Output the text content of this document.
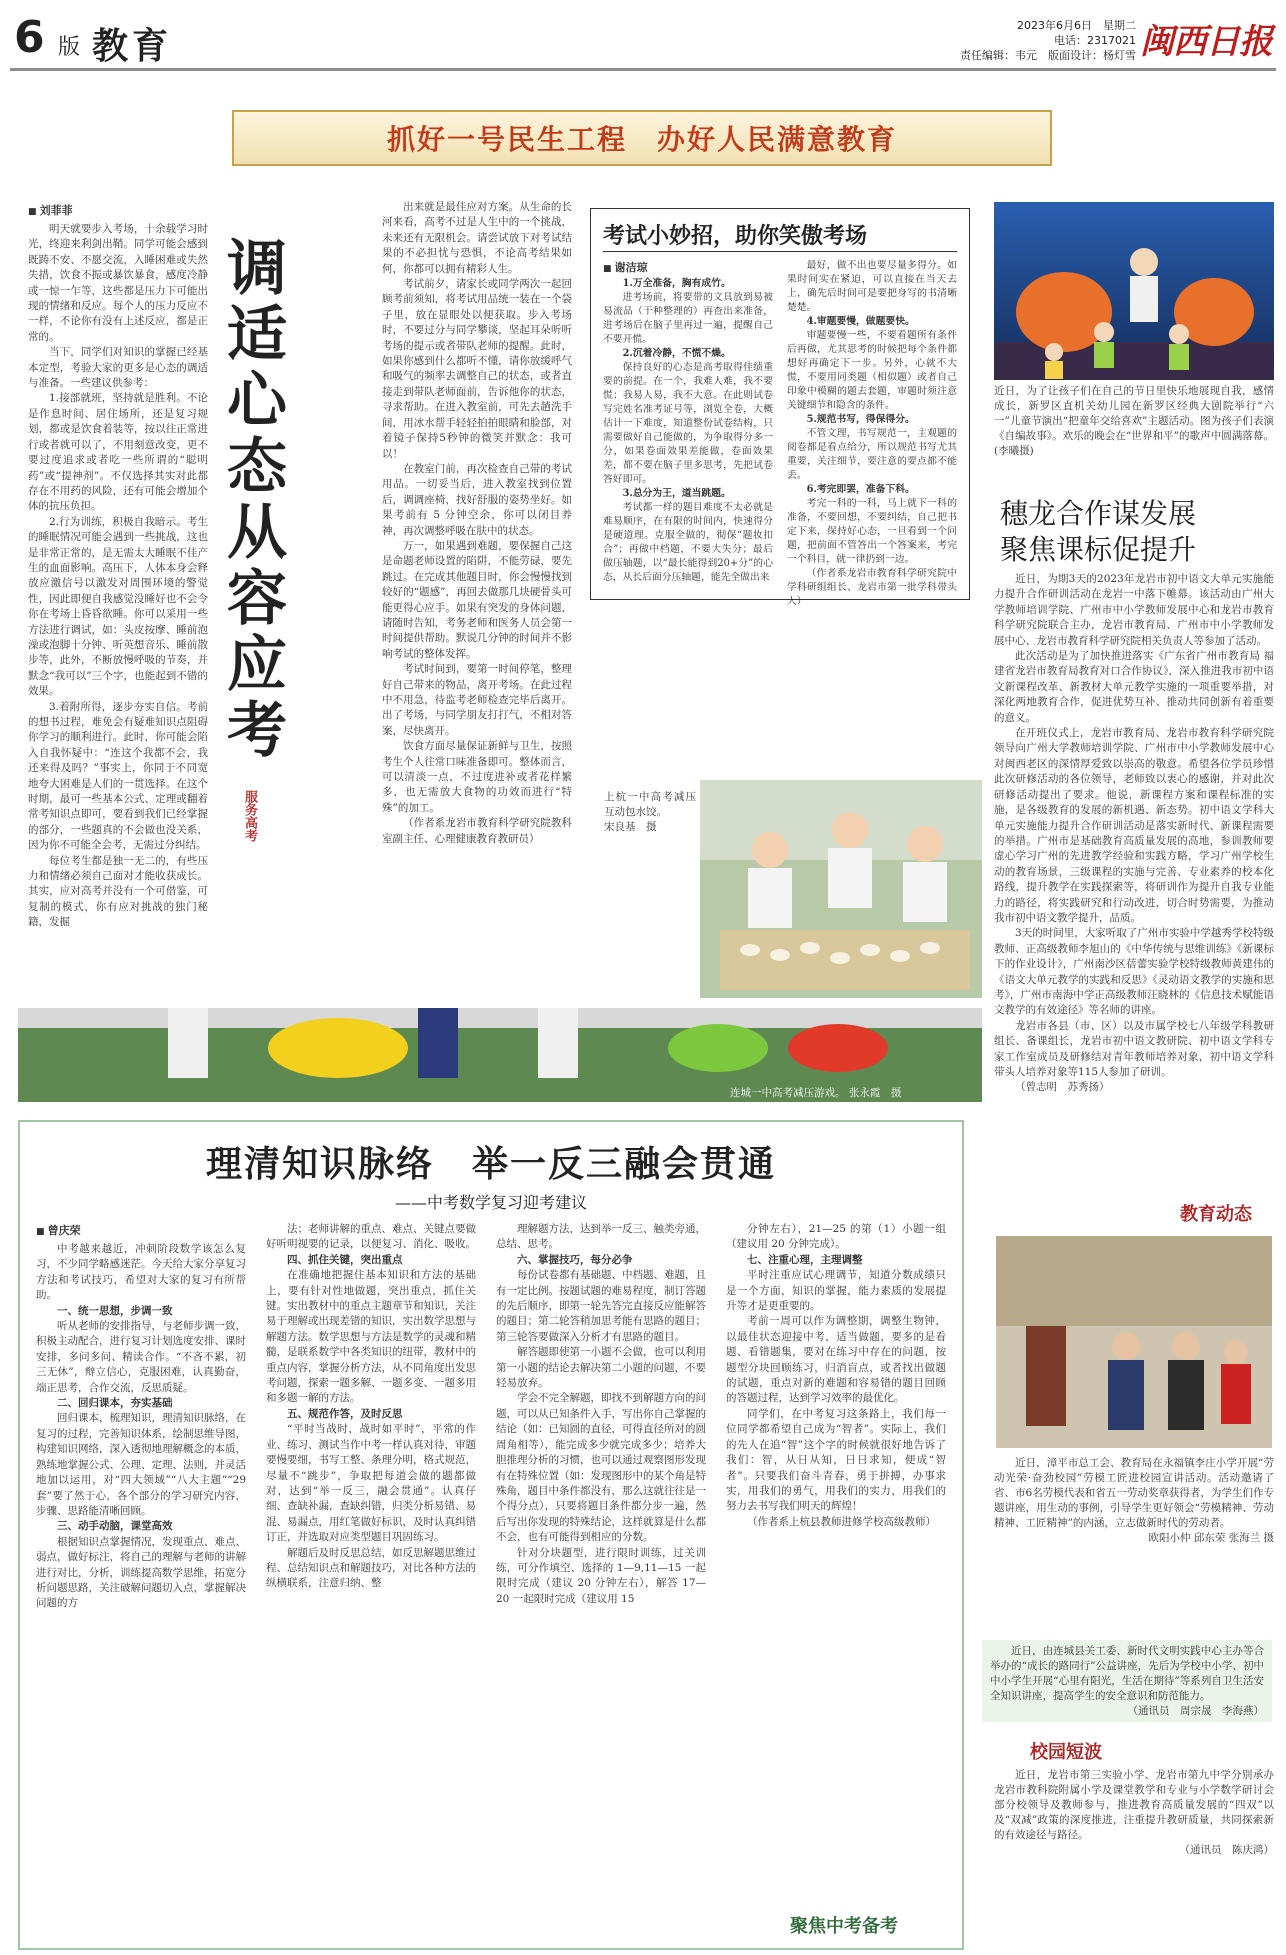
6 版 教育	2023年6月6日　星期二
电话：2317021
责任编辑：韦元　版面设计：杨灯雪 闽西日报
抓好一号民生工程　办好人民满意教育
■ 刘菲菲

明天就要步入考场，十余载学习时光，终迎来利剑出鞘。同学可能会感到既踌不安、不愿交流，入睡困难或失然失措，饮食不振或暴饮暴食，感度冷静或一惊一乍等，这些都是压力下可能出现的情绪和反应。每个人的压力反应不一样，不论你有没有上述反应，都是正常的。

当下，同学们对知识的掌握已经基本定型，考验大家的更多是心态的调适与准备。一些建议供参考：

1.接部就班，坚持就是胜利。不论是作息时间、居住场所，还是复习规划，都或是饮食着装等，按以往正常进行或者就可以了，不用刻意改变，更不要过度追求或者吃一些所谓的“聪明药”或“提神剂”。不仅选择其实对此都存在不用药的风险，还有可能会增加个体的抗压负担。

2.行为训练，积极自我暗示。考生的睡眠情况可能会遇到一些挑战，这也是非常正常的，是无需太大睡眠不佳产生的血面影响。高压下，人体本身会释放应激信号以激发对周围环境的警觉性，因此即便自我感觉没睡好也不会令你在考场上昏昏欲睡。你可以采用一些方法进行调试，如：头皮按摩、睡前泡澡或泡脚十分钟、听英想音乐、睡前散步等，此外，不断放慢呼吸的节奏，并默念“我可以”三个字，也能起到不错的效果。

3.着附所得，逐步夯实自信。考前的想书过程，难免会有疑难知识点阻碍你学习的顺利进行。此时，你可能会陷入自我怀疑中：“连这个我都不会，我还来得及吗？”事实上，你同于不同宽地夸大困难是人们的一贯选择。在这个时期，最可一些基本公式、定理或翻着常考知识点即可，要看到我们已经掌握的部分，一些题真的不会做也没关系，因为你不可能全会考，无需过分纠结。

每位考生都是独一无二的，有些压力和情绪必须自己面对才能收获成长。其实，应对高考并没有一个可借鉴，可复制的模式，你有应对挑战的独门秘籍，发掘

调
适
心
态
从
容
应
考
服务高考

出来就是最佳应对方案。从生命的长河来看，高考不过是人生中的一个挑战，未来还有无限机会。请尝试放下对考试结果的不必担忧与恐惧，不论高考结果如何，你都可以拥有精彩人生。

考试前夕，请家长或同学两次一起回顾考前须知，将考试用品统一装在一个袋子里，放在显眼处以便获取。步入考场时，不要过分与同学攀谈，坚起耳朵听听考场的提示或者带队老师的提醒。此时，如果你感到什么都听不懂，请你放缓呼气和吸气的频率去调整自己的状态，或者直接走到带队老师面前，告诉他你的状态，寻求帮助。在进入教室前，可先去趟洗手间，用冰水帮手轻轻拍拍眼睛和脸部，对着镜子保持5秒钟的微笑并默念：我可以！

在教室门前，再次检查自己带的考试用品。一切妥当后，进入教室找到位置后，调调座椅，找好舒服的姿势坐好。如果考前有 5 分钟空余，你可以闭目养神，再次调整呼吸在肤中的状态。

万一，如果遇到难题，要保握自己这是命题老师设置的陷阱，不能劳碌，要先跳过。在完成其他题目时，你会慢慢找到较好的“题感”，再回去做那几块硬骨头可能更得心应手。如果有突发的身体问题，请随时告知，考务老师和医务人员会第一时间提供帮助。默说几分钟的时间并不影响考试的整体发挥。

考试时间到，要第一时间停笔，整理好自己带来的物品，离开考场。在此过程中不用急，待监考老师检查完毕后离开。出了考场，与同学朋友打打气，不相对答案，尽快离开。

饮食方面尽量保证新鲜与卫生，按照考生个人往常口味准备即可。整体而言，可以清淡一点，不过度进补或者花样繁多，也无需放大食物的功效而进行“特殊”的加工。

（作者系龙岩市教育科学研究院教科室副主任、心理健康教育教研员）

考试小妙招，助你笑傲考场
■ 谢洁琼

1.万全准备，胸有成竹。

进考场前，将要带的文具放到易被易流品（干种整理的）再查出来准备，进考场后在脑子里再过一遍，提醒自己不要开慌。

2.沉着冷静，不慌不燥。

保持良好的心态是高考取得佳绩重要的前提。在一个，我难人难，我不要慌；我易人易，我不大意。在此则试卷写完姓名准考证号等，浏览全卷，大概估计一下难度，知道整份试卷结构，只需要做好自己能做的，为争取得分多一分，如果卷面效果差能做，卷面效果差，都不要在脑子里多思考，先把试卷答好即可。

3.总分为王，道当跳题。

考试都一样的题目难度不太必就是难易顺序，在有限的时间内，快速得分是硬道理。克服全做的，彻保“题妆扣合”；再做中档题，不要大失分；最后做压轴题，以“最长能得到20+分”的心态，从长后面分压轴题，能先全做出来

最好，做不出也要尽量多得分。如果时间实在紧迫，可以直接在当天去上，确先后时间可是要把身写的书清晰楚楚。

4.审题要慢，做题要快。

审题要慢一些，不要看题所有条件后再做，尤其思考的时候把每个条件都想好再确定下一步。另外，心就不大慌，不要用同类题（相似题）或者自己印象中模糊的题去套题，审题时须注意关键细节和隐含的条件。

5.规范书写，得保得分。

不管文理，书写规范一，主观题的阅卷都是看点给分，所以规范书写尤其重要，关注细节，要注意的要点都不能丢。

6.考完即罢，准备下科。

考完一科的一科，马上就下一科的准备，不要回想，不要纠结，自己把书定下来，保持好心态，一旦看到一个问题，把前面不管答出一个答案来，考完一个科目，就一律扔到一边。

（作者系龙岩市教育科学研究院中学科研组组长、龙岩市第一批学科带头人）

近日，为了让孩子们在自己的节日里快乐地展现自我，感情成长，新罗区直机关幼儿园在新罗区经典大剧院举行“六一”儿童节演出“把童年交给喜欢”主题活动。图为孩子们表演《自编故事》。欢乐的晚会在“世界和平”的歌声中圆满落幕。 (李曦摄)
上杭一中高考减压互动包水饺。
宋良基　摄
连城一中高考减压游戏。 张永霞　摄
穗龙合作谋发展
聚焦课标促提升

近日，为期3天的2023年龙岩市初中语文大单元实施能力提升合作研训活动在龙岩一中落下帷幕。该活动由广州大学教师培训学院、广州市中小学教师发展中心和龙岩市教育科学研究院联合主办，龙岩市教育局、广州市中小学教师发展中心、龙岩市教育科学研究院相关负责人等参加了活动。

此次活动是为了加快推进落实《广东省广州市教育局 福建省龙岩市教育局教育对口合作协议》，深入推进我市初中语文新课程改革、新教材大单元教学实施的一项重要举措，对深化两地教育合作，促进优势互补、推动共同创新有着重要的意义。

在开班仪式上，龙岩市教育局、龙岩市教育科学研究院领导向广州大学教师培训学院、广州市中小学教师发展中心对闽西老区的深情厚爱致以崇高的敬意。希望各位学员珍惜此次研修活动的各位领导，老师致以衷心的感谢，并对此次研修活动提出了要求。他说，新课程方案和课程标准的实施，是各级教育的发展的新机遇、新态势。初中语文学科大单元实施能力提升合作研训活动是落实新时代、新课程需要的举措。广州市是基础教育高质量发展的高地，参训教师要虚心学习广州的先进教学经验和实践方略，学习广州学校生动的教育场景，三级课程的实施与完善、专业素养的校本化路线，提升教学在实践探索等，将研训作为提升自我专业能力的路径，将实践研究和行动改进，切合时势需要，为推动我市初中语文教学提升，品质。

3天的时间里，大家听取了广州市实验中学越秀学校特级教师、正高级教师李旭山的《中华传统与思维训练》《新课标下的作业设计》，广州南沙区蓓蕾实验学校特级教师黄建伟的《语文大单元教学的实践和反思》《灵动语文教学的实施和思考》，广州市南海中学正高级教师汪晓林的《信息技术赋能语文教学的有效途径》等名师的讲座。

龙岩市各县（市、区）以及市属学校七八年级学科教研组长、备课组长，龙岩市初中语文教研院、初中语文学科专家工作室成员及研修结对青年教师培养对象，初中语文学科带头人培养对象等115人参加了研训。

（曾志明　苏秀扬）

教育动态

近日，漳平市总工会、教育局在永福镇李庄小学开展“劳动光荣·奋劲校园”劳模工匠进校园宣讲活动。活动邀请了省、市6名劳模代表和省五一劳动奖章获得者，为学生们作专题讲座，用生动的事例，引导学生更好领会“劳模精神、劳动精神、工匠精神”的内涵，立志做新时代的劳动者。

欧阳小仲 邱东荣 张海兰 摄

近日，由连城县关工委、新时代文明实践中心主办等合举办的“成长的路同行”公益讲座，先后为学校中小学、初中中小学生开展“心里有阳光，生活在期待”等系列自卫生活安全知识讲座，提高学生的安全意识和防范能力。

（通讯员　周宗晟　李海燕）

校园短波

近日，龙岩市第三实验小学、龙岩市第九中学分别承办龙岩市教科院附属小学及课堂教学和专业与小学数学研讨会部分校领导及教师参与，推进教育高质量发展的“四双”以及“双减”政策的深度推进，注重提升教研质量，共同探索新的有效途径与路径。

（通讯员　陈庆鸿）

理清知识脉络　举一反三融会贯通
——中考数学复习迎考建议
■ 曾庆荣

中考越来越近，冲刺阶段数学该怎么复习，不少同学略感迷茫。今天给大家分享复习方法和考试技巧，希望对大家的复习有所帮助。

一、统一思想，步调一致

听从老师的安排指导，与老师步调一致，积极主动配合，进行复习计划选度安排、课时安排，多问多问、精读合作。“不吝不累，初三无休”，辩立信心，克服困难，认真勤奋，端正思考，合作交流，反思质疑。

二、回归课本，夯实基础

回归课本，梳理知识，理清知识脉络，在复习的过程，完善知识体系，绘制思维导图，构建知识网络，深入透彻地理解概念的本质，熟练地掌握公式、公理、定理、法则，并灵活地加以运用，对“四大领域”“八大主题”“29套”要了然于心，各个部分的学习研究内容，步骤、思路能清晰回顾。

三、动手动脑，课堂高效

根据知识点掌握情况，发现重点、难点、弱点，做好标注，将自己的理解与老师的讲解进行对比，分析，训练提高数学思维，拓宽分析问题思路，关注破解问题切入点，掌握解决问题的方

法；老师讲解的重点、难点、关键点要做好听明视要的记录，以便复习、消化、吸收。

四、抓住关键，突出重点

在准确地把握住基本知识和方法的基础上，要有针对性地做题，突出重点，抓住关键。实出教材中的重点主题章节和知识，关注易于理解或出现差错的知识，实出数学思想与解题方法。数学思想与方法是数学的灵魂和精髓，是联系数学中各类知识的纽带，教材中的重点内容，掌握分析方法，从不同角度出发思考问题，探索一题多解、一题多变、一题多用和多题一解的方法。

五、规范作答，及时反思

“平时当战时，战时如平时”，平常的作业、练习、测试当作中考一样认真对待，审题要慢要细，书写工整、条理分明，格式规范，尽量不“跳步”，争取把每道会做的题都做对，达到“举一反三，融会贯通”。认真仔细、查缺补漏，查缺纠错，归类分析易错、易混、易漏点，用红笔做好标识，及时认真纠错订正，并选取对应类型题目巩固练习。

解题后及时反思总结，如反思解题思维过程、总结知识点和解题技巧，对比各种方法的纵横联系，注意归纳、整

理解题方法，达到举一反三、触类旁通，总结、思考。

六、掌握技巧，每分必争

每份试卷都有基础题、中档题、难题，且有一定比例。按题试题的难易程度，制订答题的先后顺序，即第一轮先答完直接反应能解答的题目；第二轮答稍加思考能有思路的题目；第三轮答要做深入分析才有思路的题目。

解答题即使第一小题不会做，也可以利用第一小题的结论去解决第二小题的问题，不要轻易放弃。

学会不完全解题，即找不到解题方向的问题，可以从已知条件入手，写出你自己掌握的结论（如：已知圆的直径，可得直径所对的圆周角相等），能完成多少就完成多少；培养大胆推理分析的习惯，也可以通过观察图形发现有在特殊位置（如：发现图形中的某个角是特殊角，题目中条件都没有，那么这就往往是一个得分点），只要将题目条件都分步一遍，然后写出你发现的特殊结论，这样就算是什么都不会，也有可能得到相应的分数。

针对分块题型，进行限时训练，过关训练，可分作填空、选择的 1—9,11—15 一起限时完成（建议 20 分钟左右），解答 17—20 一起限时完成（建议用 15

分钟左右），21—25 的第（1）小题一组（建议用 20 分钟完成）。

七、注重心理，主理调整

平时注重应试心理调节，知道分数成绩只是一个方面，知识的掌握，能力素质的发展提升等才是更重要的。

考前一周可以作为调整期，调整生物钟，以最佳状态迎接中考，适当做题，要多的是看题、看错题集，要对在练习中存在的问题，按题型分块回顾练习，归消盲点，或者找出做题的试题，重点对新的难题和容易错的题目回顾的答题过程，达到学习效率的最优化。

同学们，在中考复习这条路上，我们每一位同学都希望自己成为“智者”。实际上，我们的先人在追“智”这个字的时候就很好地告诉了我们：智，从日从知，日日求知，便成“智者”。只要我们奋斗青春，勇于拼搏，办事求实，用我们的勇气，用我们的实力，用我们的努力去书写我们明天的辉煌！

（作者系上杭县教师进修学校高级教师）

聚焦中考备考
